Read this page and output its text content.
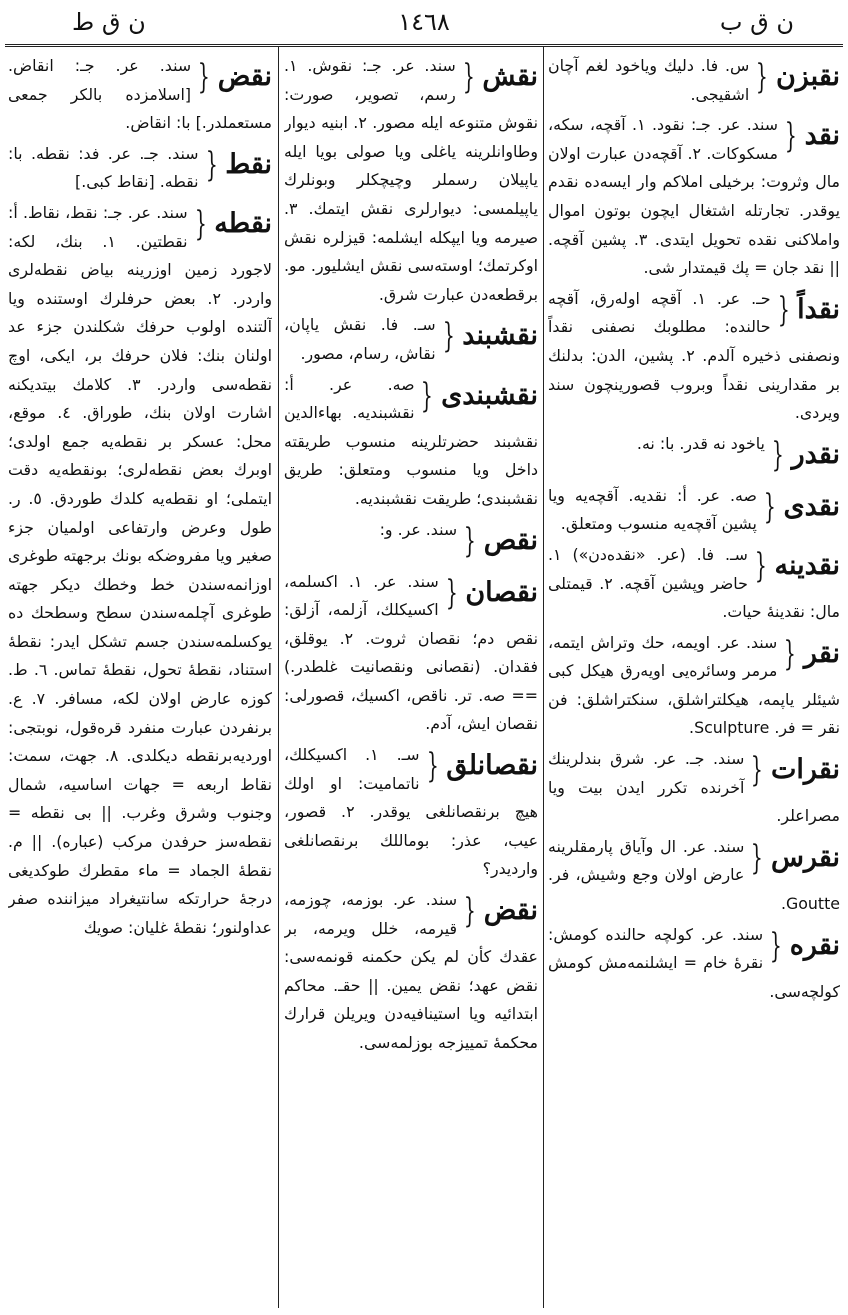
ن ق ب
١٤٦٨
ن ق ط
نقبزن
{
س. فا. دلیك ویاخود لغم آچان اشقیجی.
نقد
{
سند. عر. جـ: نقود. ١. آقچه، سكه، مسكوكات. ٢. آقچه‌دن عبارت اولان مال وثروت: برخیلی املاكم وار ایسه‌ده نقدم یوقدر. تجارتله اشتغال ایچون بوتون اموال واملاكنی نقده تحویل ایتدی. ٣. پشین آقچه. || نقد جان = پك قیمتدار شی.
نقداً
{
حـ. عر. ١. آقچه اوله‌رق، آقچه حالنده: مطلوبك نصفنی نقداً ونصفنی ذخیره آلدم. ٢. پشین، الدن: بدلنك بر مقدارینی نقداً وبروب قصورینچون سند ویردی.
نقدر
{
یاخود نه قدر. با: نه.
نقدی
{
صه. عر. أ: نقدیه. آقچه‌یه ویا پشین آقچه‌یه منسوب ومتعلق.
نقدینه
{
سـ. فا. (عر. «نقده‌دن») ١. حاضر وپشین آقچه. ٢. قیمتلی مال: نقدینهٔ حیات.
نقر
{
سند. عر. اویمه، حك وتراش ایتمه، مرمر وسائره‌یی اویه‌رق هیكل كبی شیئلر یاپمه، هیكلتراشلق، سنكتراشلق: فن نقر = فر. Sculpture.
نقرات
{
سند. جـ. عر. شرق بندلرینك آخرنده تكرر ایدن بیت ویا مصراعلر.
نقرس
{
سند. عر. ال وآیاق پارمقلرینه عارض اولان وجع وشیش، فر. Goutte.
نقره
{
سند. عر. كولچه حالنده كومش: نقرهٔ خام = ایشلنمه‌مش كومش كولچه‌سی.
نقش
{
سند. عر. جـ: نقوش. ١. رسم، تصویر، صورت: نقوش متنوعه ایله مصور. ٢. ابنیه دیوار وطاوانلرینه یاغلی ویا صولی بویا ایله یاپیلان رسملر وچیچكلر وبونلرك یاپیلمسی: دیوارلری نقش ایتمك. ٣. صیرمه ویا ایپكله ایشلمه: قیزلره نقش اوكرتمك؛ اوسته‌سی نقش ایشلیور. مو. برقطعه‌دن عبارت شرق.
نقشبند
{
سـ. فا. نقش یاپان، نقاش، رسام، مصور.
نقشبندی
{
صه. عر. أ: نقشبندیه. بهاءالدین نقشبند حضرتلرینه منسوب طریقته داخل ویا منسوب ومتعلق: طریق نقشبندی؛ طریقت نقشبندیه.
نقص
{
سند. عر. و:
نقصان
{
سند. عر. ١. اكسلمه، اكسیكلك، آزلمه، آزلق: نقص دم؛ نقصان ثروت. ٢. یوقلق، فقدان. (نقصانی ونقصانیت غلطدر.) == صه. تر. ناقص، اكسیك، قصورلی: نقصان ایش، آدم.
نقصانلق
{
سـ. ١. اكسیكلك، ناتمامیت: او اولك هیچ برنقصانلغی یوقدر. ٢. قصور، عیب، عذر: بوماللك برنقصانلغی واردیدر؟
نقض
{
سند. عر. بوزمه، چوزمه، قیرمه، خلل ویرمه، بر عقدك كأن لم یكن حكمنه قونمه‌سی: نقض عهد؛ نقض یمین. || حقـ. محاكم ابتدائیه ویا استینافیه‌دن ویریلن قرارك محكمهٔ تمییزجه بوزلمه‌سی.
نقض
{
سند. عر. جـ: انقاض. [اسلامزده بالكر جمعی مستعملدر.] با: انقاض.
نقط
{
سند. جـ. عر. فد: نقطه. با: نقطه. [نقاط كبی.]
نقطه
{
سند. عر. جـ: نقط، نقاط. أ: نقطتین. ١. بنك، لكه: لاجورد زمین اوزرینه بیاض نقطه‌لری واردر. ٢. بعض حرفلرك اوستنده ویا آلتنده اولوب حرفك شكلندن جزء عد اولنان بنك: فلان حرفك بر، ایكی، اوچ نقطه‌سی واردر. ٣. كلامك بیتدیكنه اشارت اولان بنك، طوراق. ٤. موقع، محل: عسكر بر نقطه‌یه جمع اولدی؛ اوبرك بعض نقطه‌لری؛ بونقطه‌یه دقت ایتملی؛ او نقطه‌یه كلدك طوردق. ٥. ر. طول وعرض وارتفاعی اولمیان جزء صغیر ویا مفروضكه بونك برجهته طوغری اوزانمه‌سندن خط وخطك دیكر جهته طوغری آچلمه‌سندن سطح وسطحك ده یوكسلمه‌سندن جسم تشكل ایدر: نقطهٔ استناد، نقطهٔ تحول، نقطهٔ تماس. ٦. ط. كوزه عارض اولان لكه، مسافر. ٧. ع. برنفردن عبارت منفرد قره‌قول، نوبتجی: اوردیه‌برنقطه دیكلدی. ٨. جهت، سمت: نقاط اربعه = جهات اساسیه، شمال وجنوب وشرق وغرب. || بی نقطه = نقطه‌سز حرفدن مركب (عباره). || م. نقطهٔ الجماد = ماء مقطرك طوكدیغی درجهٔ حرارتكه سانتیغراد میزاننده صفر عداولنور؛ نقطهٔ غلیان: صویك
